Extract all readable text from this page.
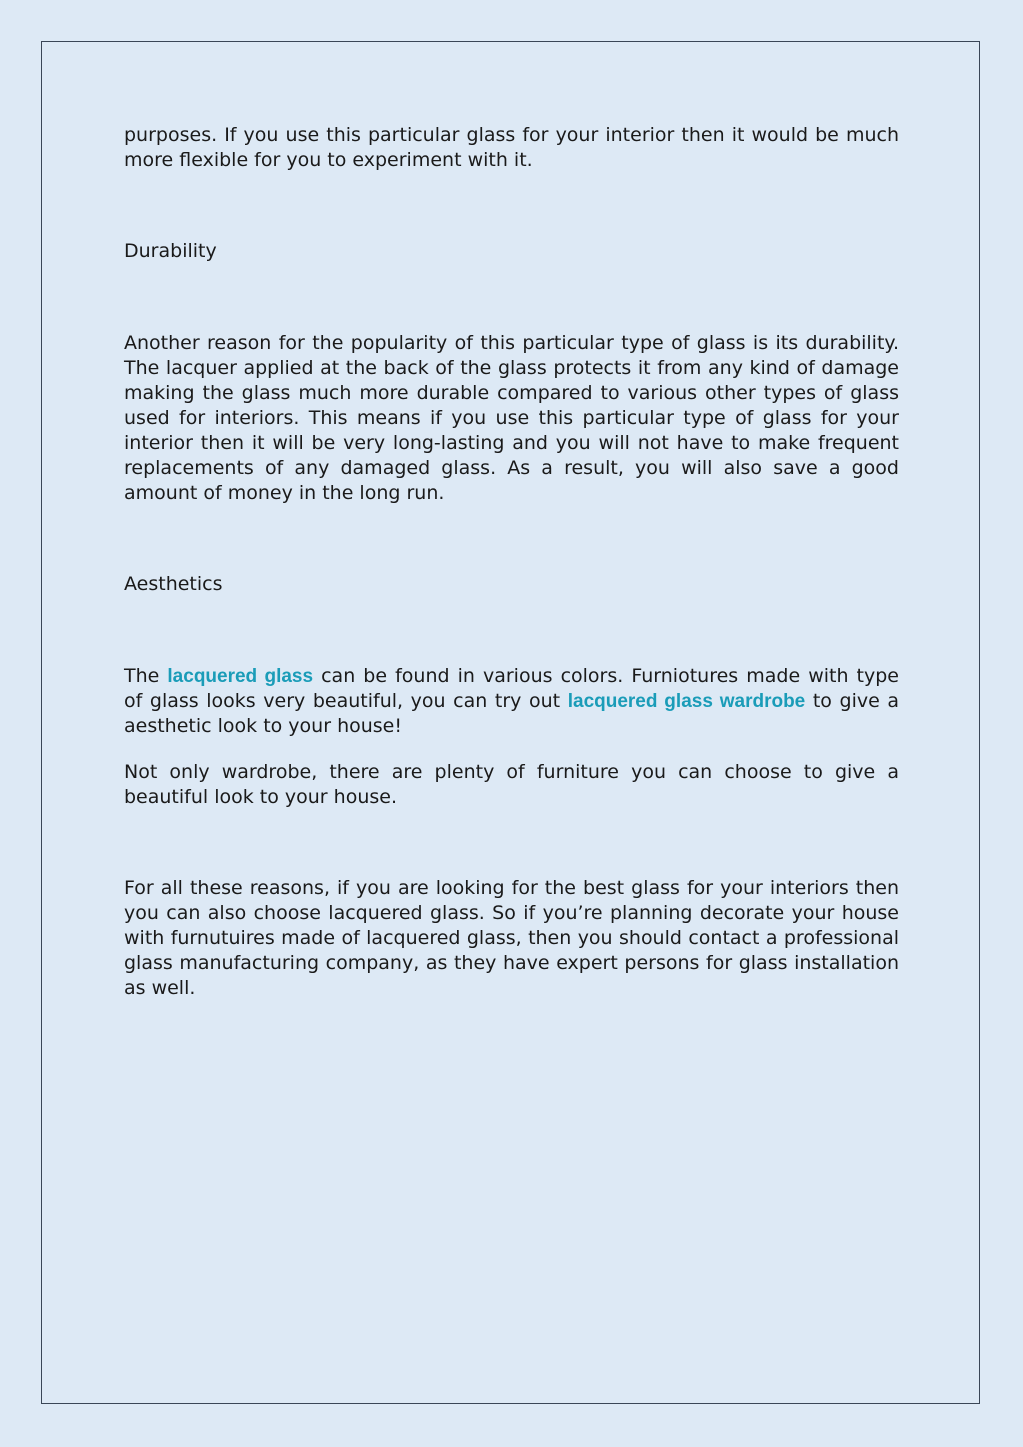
purposes. If you use this particular glass for your interior then it would be much more flexible for you to experiment with it.

Durability

Another reason for the popularity of this particular type of glass is its durability. The lacquer applied at the back of the glass protects it from any kind of damage making the glass much more durable compared to various other types of glass used for interiors. This means if you use this particular type of glass for your interior then it will be very long-lasting and you will not have to make frequent replacements of any damaged glass. As a result, you will also save a good amount of money in the long run.

Aesthetics

The lacquered glass can be found in various colors. Furniotures made with type of glass looks very beautiful, you can try out lacquered glass wardrobe to give a aesthetic look to your house!

Not only wardrobe, there are plenty of furniture you can choose to give a beautiful look to your house.

For all these reasons, if you are looking for the best glass for your interiors then you can also choose lacquered glass. So if you’re planning decorate your house with furnutuires made of lacquered glass, then you should contact a professional glass manufacturing company, as they have expert persons for glass installation as well.
